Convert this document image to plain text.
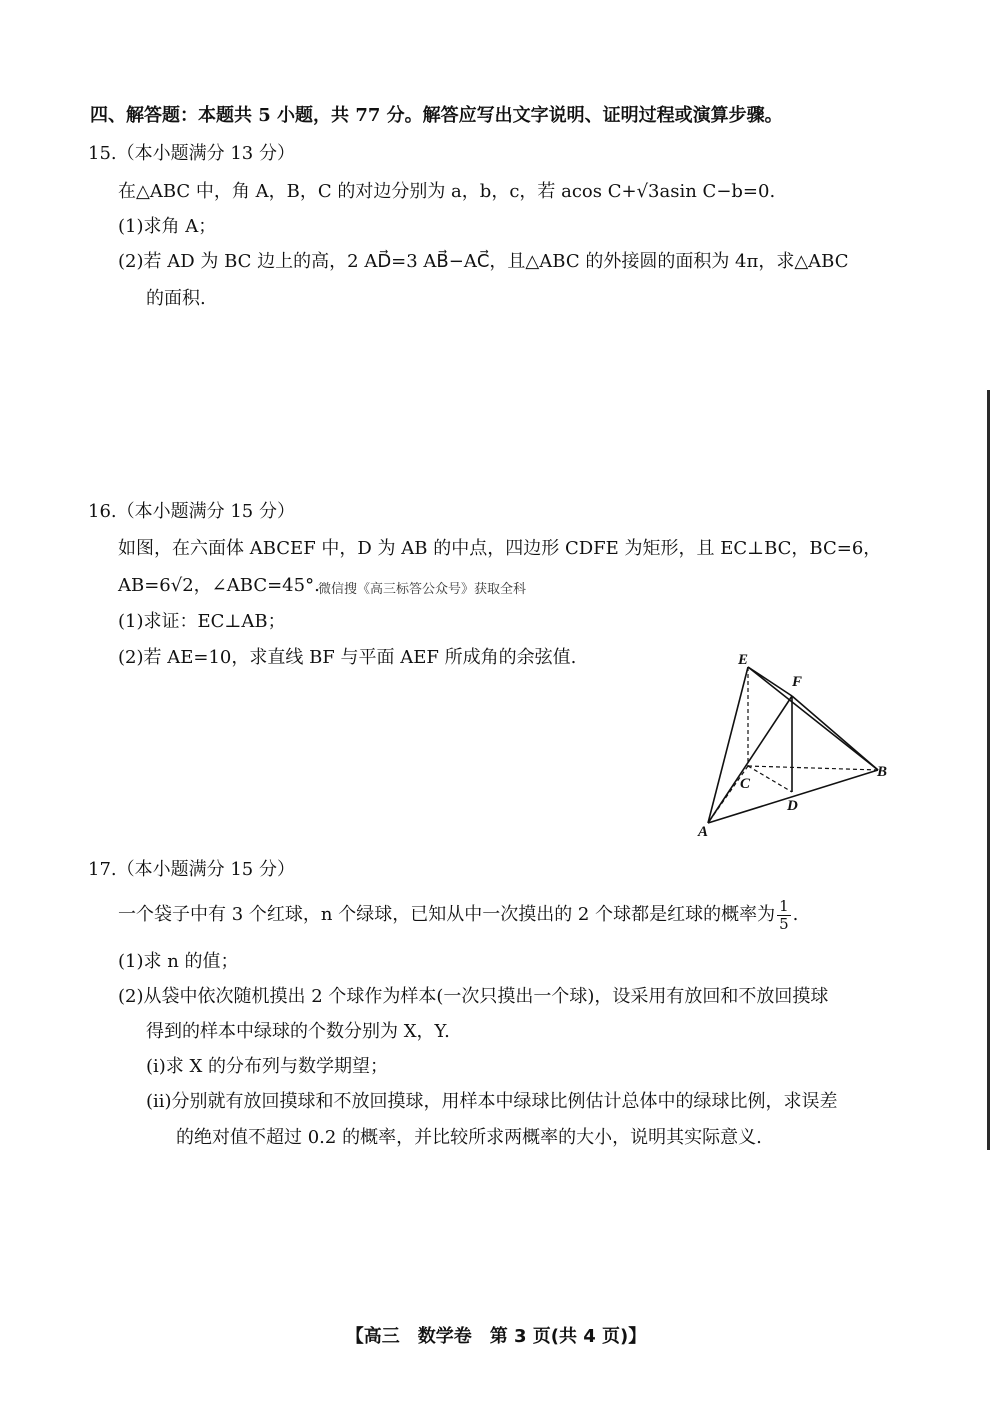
四、解答题：本题共 5 小题，共 77 分。解答应写出文字说明、证明过程或演算步骤。
15.（本小题满分 13 分）
在△ABC 中，角 A，B，C 的对边分别为 a，b，c，若 acos C+√3asin C−b=0.
(1)求角 A；
(2)若 AD 为 BC 边上的高，2 AD⃗=3 AB⃗−AC⃗，且△ABC 的外接圆的面积为 4π，求△ABC
的面积.
16.（本小题满分 15 分）
如图，在六面体 ABCEF 中，D 为 AB 的中点，四边形 CDFE 为矩形，且 EC⊥BC，BC=6，
AB=6√2，∠ABC=45°.
微信搜《高三标答公众号》获取全科
(1)求证：EC⊥AB；
(2)若 AE=10，求直线 BF 与平面 AEF 所成角的余弦值.	E
F
C
B
D
A
17.（本小题满分 15 分）
一个袋子中有 3 个红球，n 个绿球，已知从中一次摸出的 2 个球都是红球的概率为 $\frac{1}{5}$ .
(1)求 n 的值；
(2)从袋中依次随机摸出 2 个球作为样本(一次只摸出一个球)，设采用有放回和不放回摸球
得到的样本中绿球的个数分别为 X，Y.
(i)求 X 的分布列与数学期望；
(ii)分别就有放回摸球和不放回摸球，用样本中绿球比例估计总体中的绿球比例，求误差
的绝对值不超过 0.2 的概率，并比较所求两概率的大小，说明其实际意义.
【高三　数学卷　第 3 页(共 4 页)】
